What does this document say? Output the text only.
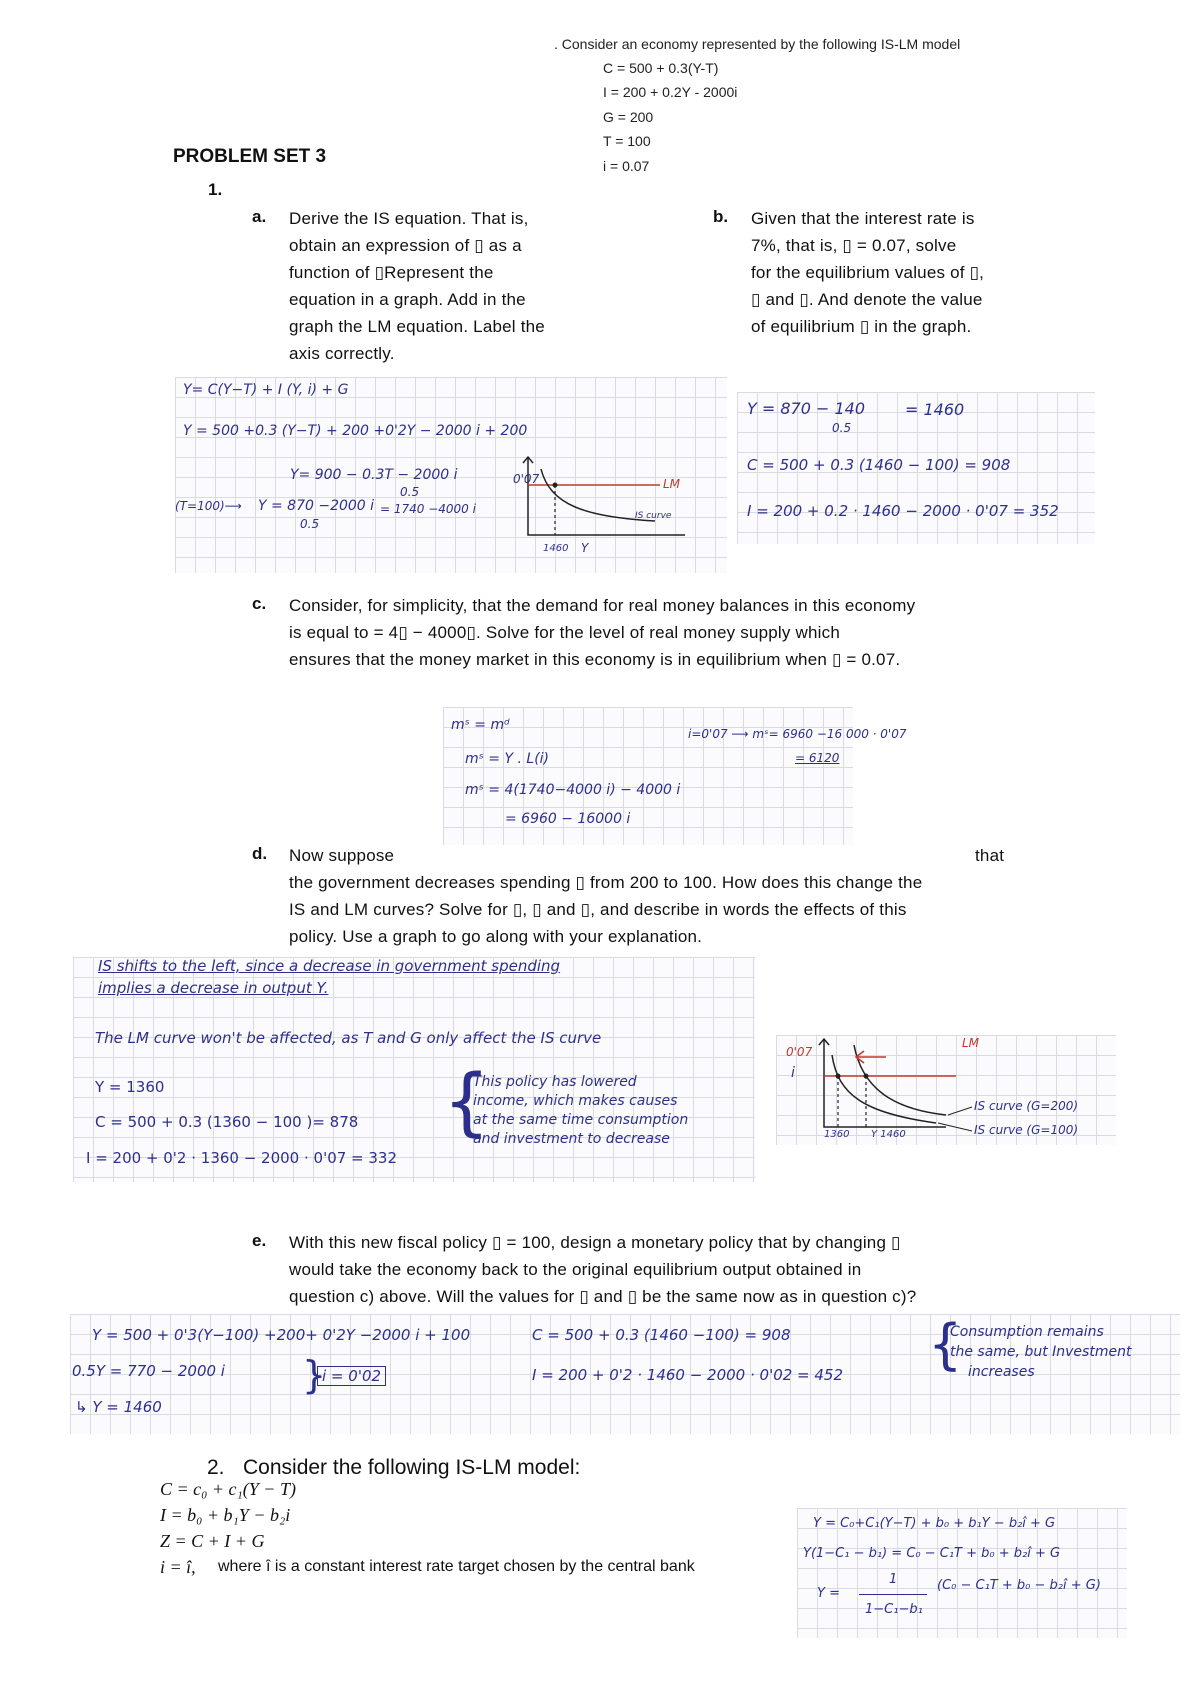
. Consider an economy represented by the following IS-LM model
C = 500 + 0.3(Y-T)
I = 200 + 0.2Y - 2000i
G = 200
T = 100
i = 0.07
PROBLEM SET 3
1.
a. Derive the IS equation. That is,
obtain an expression of ▯ as a
function of ▯Represent the
equation in a graph. Add in the
graph the LM equation. Label the
axis correctly.
b. Given that the interest rate is
7%, that is, ▯ = 0.07, solve
for the equilibrium values of ▯,
▯ and ▯. And denote the value
of equilibrium ▯ in the graph.
Y= C(Y−T) + I (Y, i) + G
Y = 500 +0.3 (Y−T) + 200 +0'2Y − 2000 i + 200
Y= 900 − 0.3T − 2000 i
0.5
(T=100)⟶ Y = 870 −2000 i
0.5
= 1740 −4000 i
0'07	LM
IS curve
1460 Y
Y = 870 − 140
0.5
= 1460
C = 500 + 0.3 (1460 − 100) = 908
I = 200 + 0.2 · 1460 − 2000 · 0'07 = 352
c. Consider, for simplicity, that the demand for real money balances in this economy
is equal to = 4▯ − 4000▯. Solve for the level of real money supply which
ensures that the money market in this economy is in equilibrium when ▯ = 0.07.
mˢ = mᵈ
mˢ = Y . L(i)
mˢ = 4(1740−4000 i) − 4000 i
= 6960 − 16000 i
i=0'07 ⟶ mˢ= 6960 −16 000 · 0'07
= 6120
d. Now suppose	that
the government decreases spending ▯ from 200 to 100. How does this change the
IS and LM curves? Solve for ▯, ▯ and ▯, and describe in words the effects of this
policy. Use a graph to go along with your explanation.
IS shifts to the left, since a decrease in government spending
implies a decrease in output Y.
The LM curve won't be affected, as T and G only affect the IS curve
Y = 1360
C = 500 + 0.3 (1360 − 100 )= 878
I = 200 + 0'2 · 1360 − 2000 · 0'07 = 332
{
This policy has lowered
income, which makes causes
at the same time consumption
and investment to decrease
0'07
i
LM
IS curve (G=200)
IS curve (G=100)
1360 Y 1460
e. With this new fiscal policy ▯ = 100, design a monetary policy that by changing ▯
would take the economy back to the original equilibrium output obtained in
question c) above. Will the values for ▯ and ▯ be the same now as in question c)?
Y = 500 + 0'3(Y−100) +200+ 0'2Y −2000 i + 100
0.5Y = 770 − 2000 i
↳ Y = 1460
}
i = 0'02
C = 500 + 0.3 (1460 −100) = 908
I = 200 + 0'2 · 1460 − 2000 · 0'02 = 452 {
Consumption remains
the same, but Investment
increases
2. Consider the following IS-LM model:
C = c₀ + c₁(Y − T)
I = b₀ + b₁Y − b₂i
Z = C + I + G
i = î, where î is a constant interest rate target chosen by the central bank
Y = C₀+C₁(Y−T) + b₀ + b₁Y − b₂î + G
Y(1−C₁ − b₁) = C₀ − C₁T + b₀ + b₂î + G
Y =
1
1−C₁−b₁
(C₀ − C₁T + b₀ − b₂î + G)
